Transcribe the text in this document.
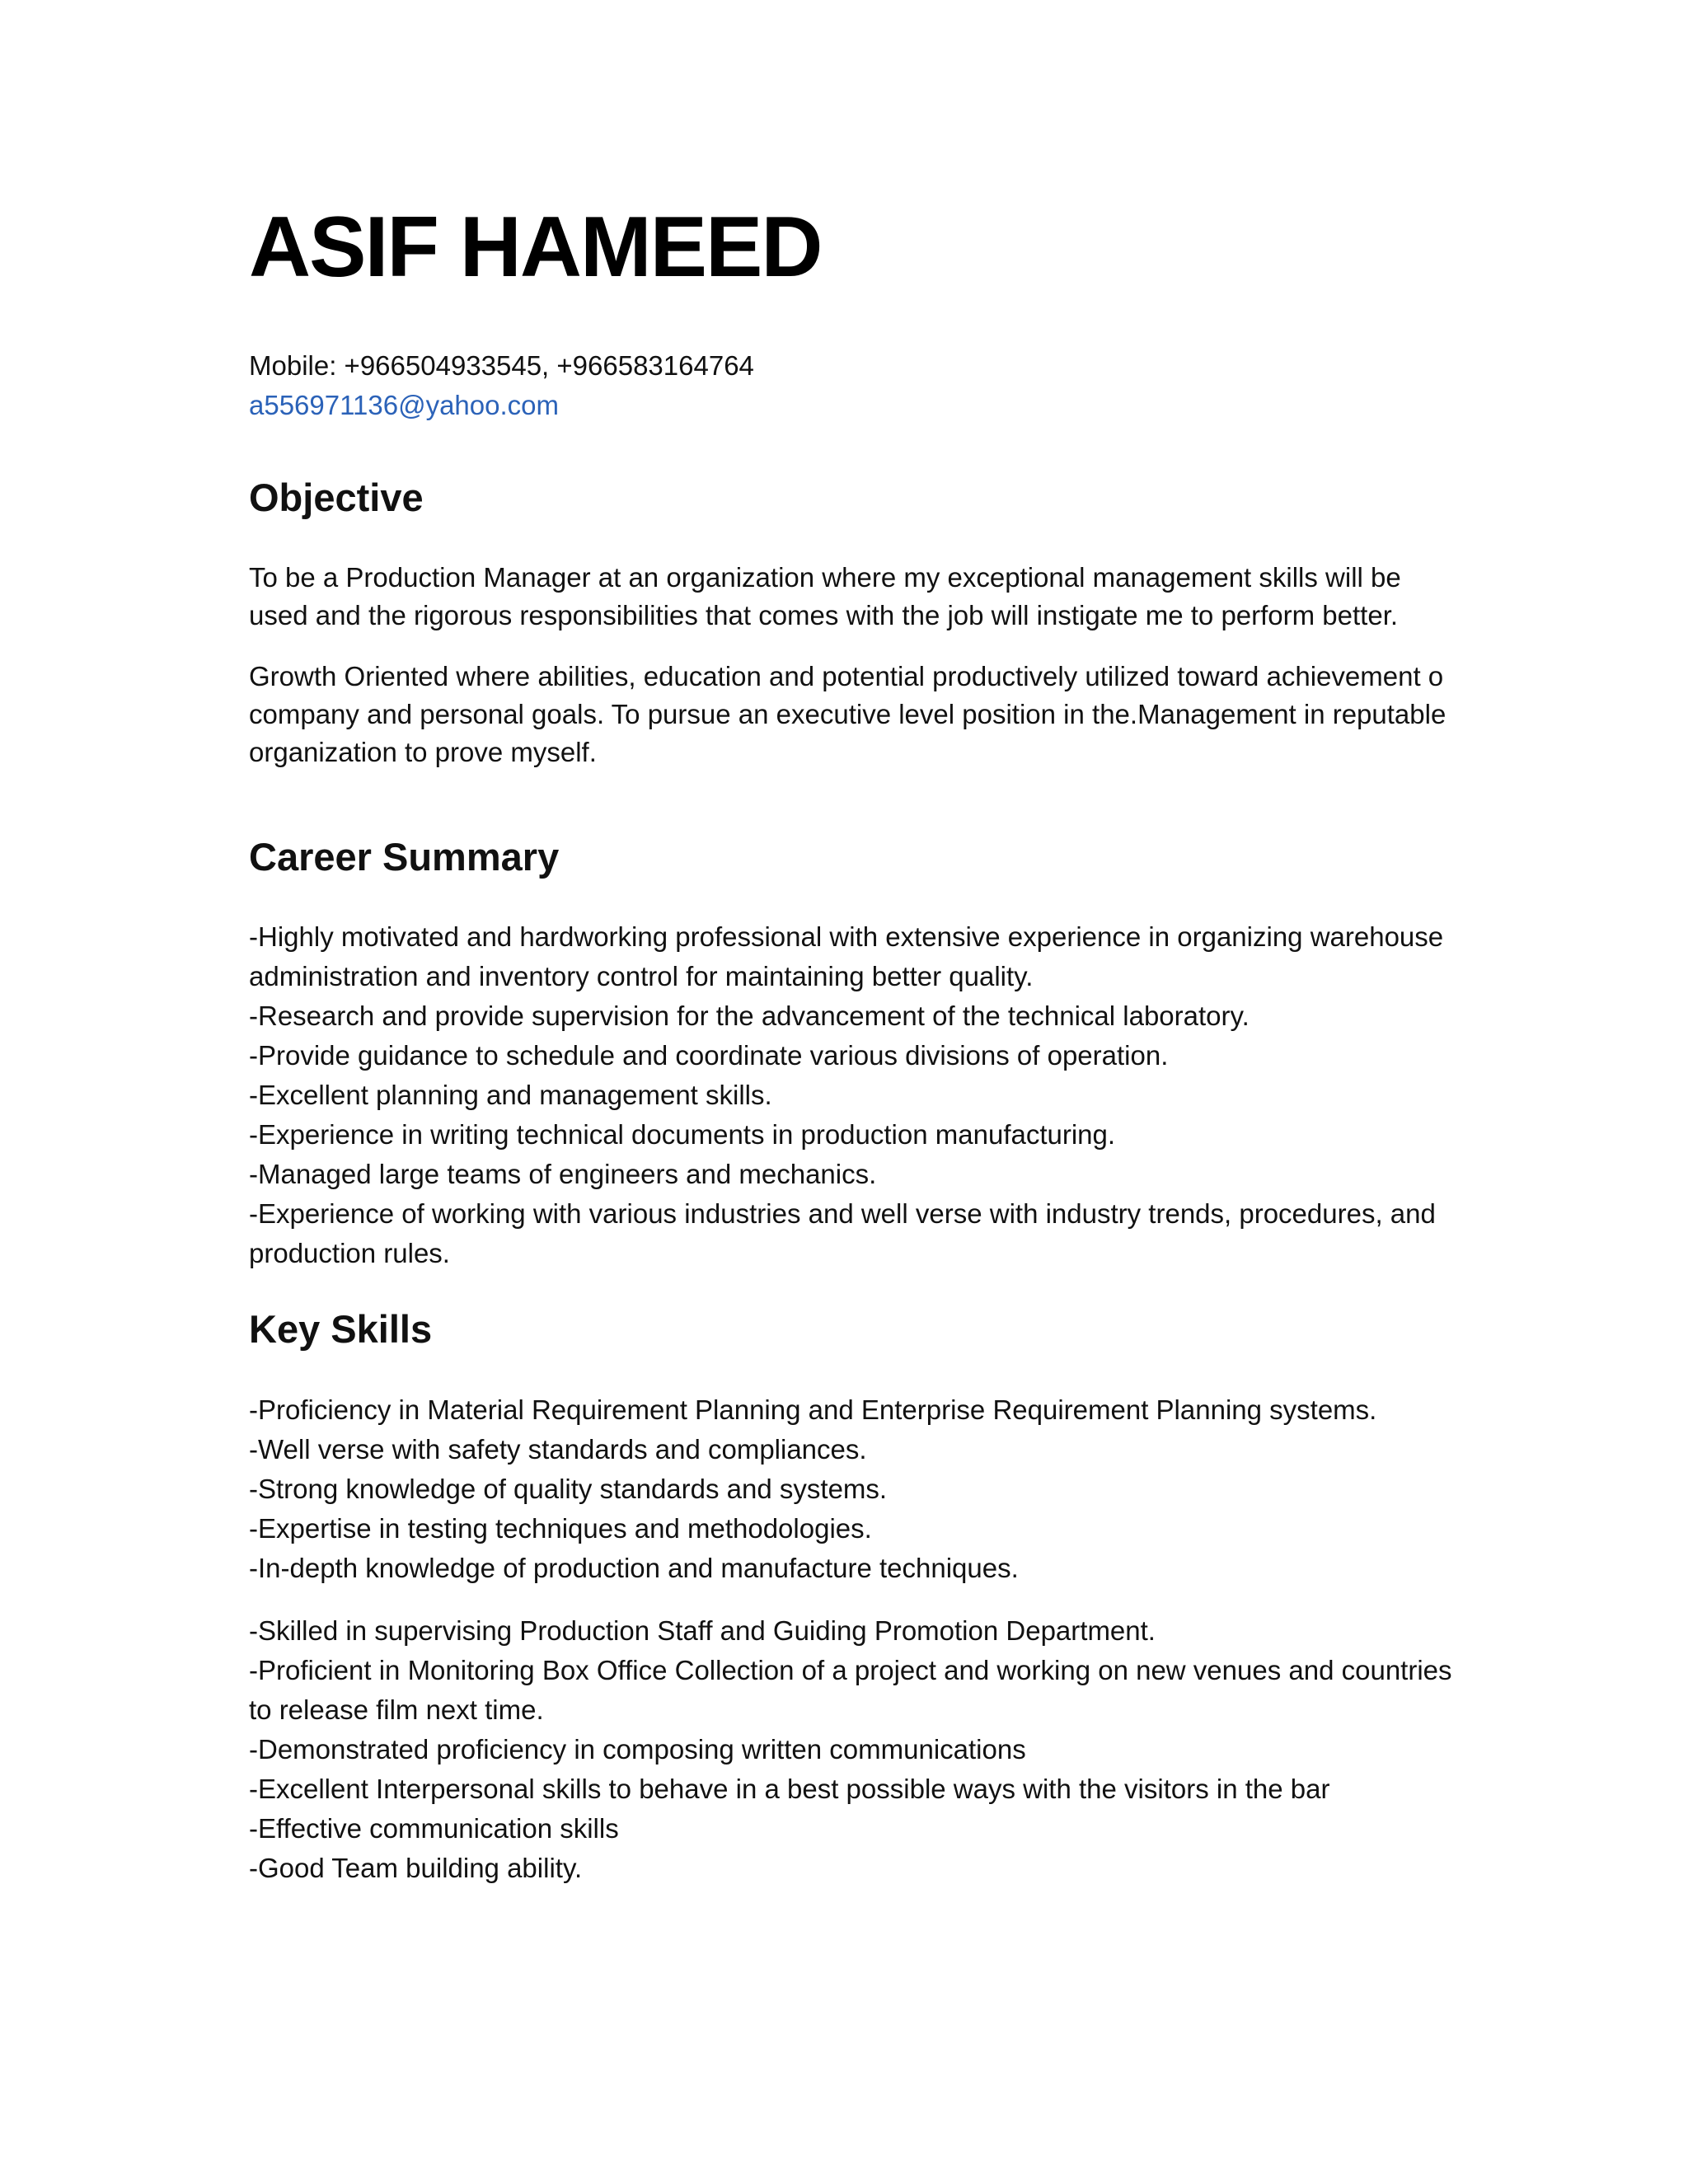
ASIF HAMEED
Mobile: +966504933545, +966583164764
a556971136@yahoo.com
Objective

To be a Production Manager at an organization where my exceptional management skills will be used and the rigorous responsibilities that comes with the job will instigate me to perform better.

Growth Oriented where abilities, education and potential productively utilized toward achievement o company and personal goals. To pursue an executive level position in the.Management in reputable organization to prove myself.

Career Summary
-Highly motivated and hardworking professional with extensive experience in organizing warehouse administration and inventory control for maintaining better quality.
-Research and provide supervision for the advancement of the technical laboratory.
-Provide guidance to schedule and coordinate various divisions of operation.
-Excellent planning and management skills.
-Experience in writing technical documents in production manufacturing.
-Managed large teams of engineers and mechanics.
-Experience of working with various industries and well verse with industry trends, procedures, and production rules.
Key Skills
-Proficiency in Material Requirement Planning and Enterprise Requirement Planning systems.
-Well verse with safety standards and compliances.
-Strong knowledge of quality standards and systems.
-Expertise in testing techniques and methodologies.
-In-depth knowledge of production and manufacture techniques.
-Skilled in supervising Production Staff and Guiding Promotion Department.
-Proficient in Monitoring Box Office Collection of a project and working on new venues and countries to release film next time.
-Demonstrated proficiency in composing written communications
-Excellent Interpersonal skills to behave in a best possible ways with the visitors in the bar
-Effective communication skills
-Good Team building ability.
